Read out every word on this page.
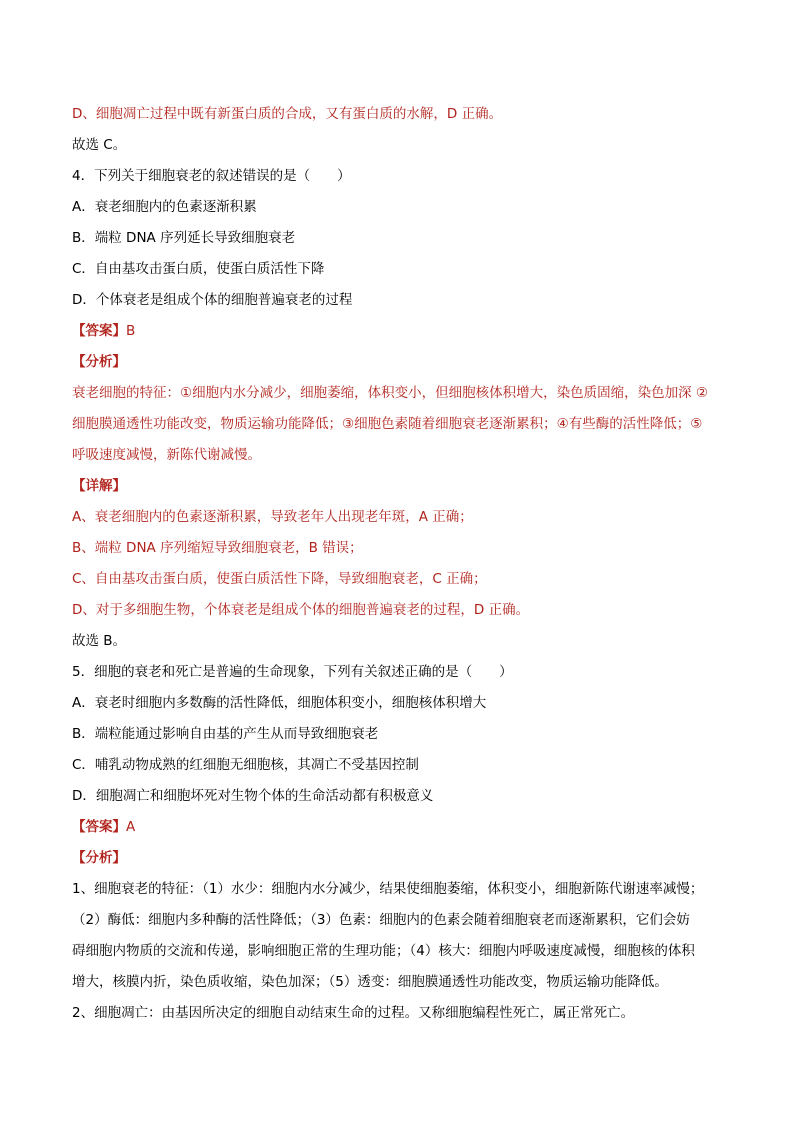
D、细胞凋亡过程中既有新蛋白质的合成，又有蛋白质的水解，D 正确。
故选 C。
4．下列关于细胞衰老的叙述错误的是（　　）
A．衰老细胞内的色素逐渐积累
B．端粒 DNA 序列延长导致细胞衰老
C．自由基攻击蛋白质，使蛋白质活性下降
D．个体衰老是组成个体的细胞普遍衰老的过程
【答案】B
【分析】
衰老细胞的特征：①细胞内水分减少，细胞萎缩，体积变小，但细胞核体积增大，染色质固缩，染色加深 ②
细胞膜通透性功能改变，物质运输功能降低；③细胞色素随着细胞衰老逐渐累积；④有些酶的活性降低；⑤
呼吸速度减慢，新陈代谢减慢。
【详解】
A、衰老细胞内的色素逐渐积累，导致老年人出现老年斑，A 正确；
B、端粒 DNA 序列缩短导致细胞衰老，B 错误；
C、自由基攻击蛋白质，使蛋白质活性下降，导致细胞衰老，C 正确；
D、对于多细胞生物，个体衰老是组成个体的细胞普遍衰老的过程，D 正确。
故选 B。
5．细胞的衰老和死亡是普遍的生命现象，下列有关叙述正确的是（　　）
A．衰老时细胞内多数酶的活性降低，细胞体积变小，细胞核体积增大
B．端粒能通过影响自由基的产生从而导致细胞衰老
C．哺乳动物成熟的红细胞无细胞核，其凋亡不受基因控制
D．细胞凋亡和细胞坏死对生物个体的生命活动都有积极意义
【答案】A
【分析】
1、细胞衰老的特征：（1）水少：细胞内水分减少，结果使细胞萎缩，体积变小，细胞新陈代谢速率减慢；
（2）酶低：细胞内多种酶的活性降低；（3）色素：细胞内的色素会随着细胞衰老而逐渐累积，它们会妨
碍细胞内物质的交流和传递，影响细胞正常的生理功能；（4）核大：细胞内呼吸速度减慢，细胞核的体积
增大，核膜内折，染色质收缩，染色加深；（5）透变：细胞膜通透性功能改变，物质运输功能降低。
2、细胞凋亡：由基因所决定的细胞自动结束生命的过程。又称细胞编程性死亡，属正常死亡。
